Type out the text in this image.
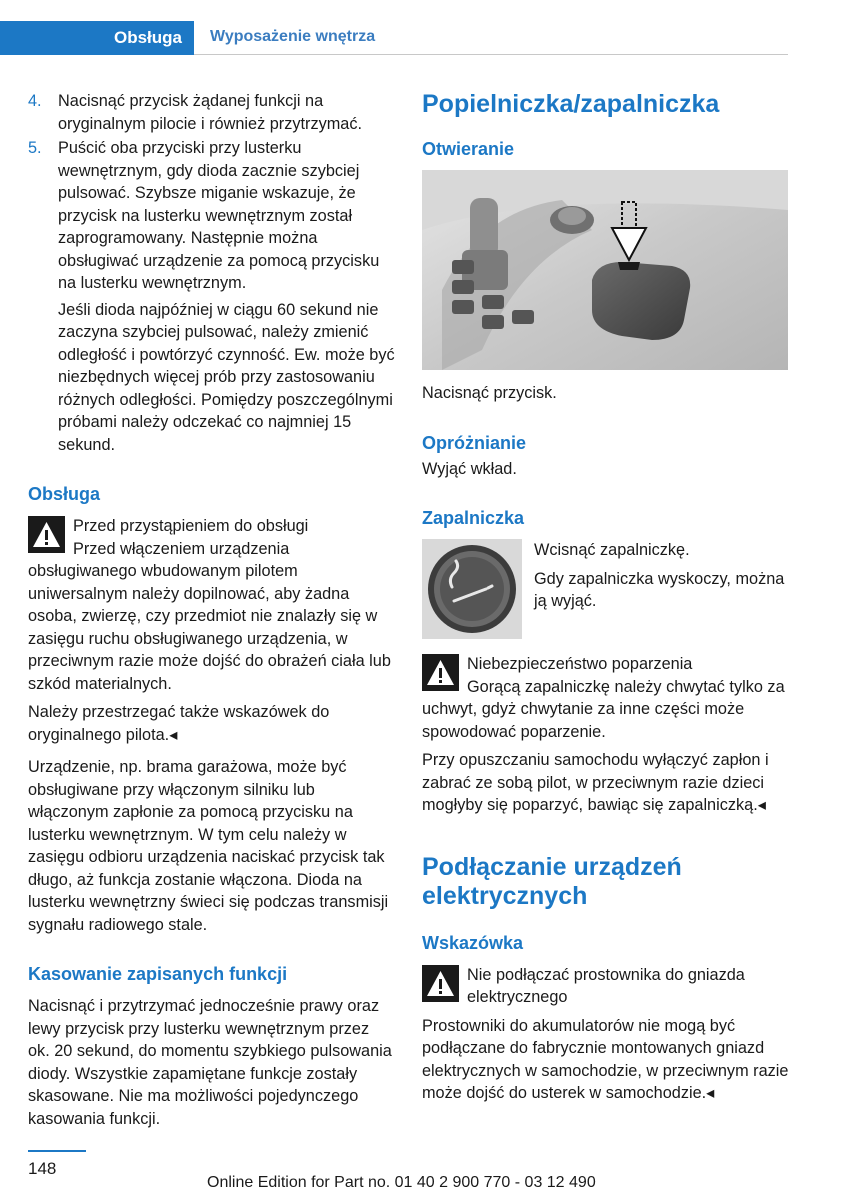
Obsługa Wyposażenie wnętrza
4.	Nacisnąć przycisk żądanej funkcji na oryginalnym pilocie i również przytrzymać.

5.	Puścić oba przyciski przy lusterku wewnętrznym, gdy dioda zacznie szybciej pulsować. Szybsze miganie wskazuje, że przycisk na lusterku wewnętrznym został zaprogramowany. Następnie można obsługiwać urządzenie za pomocą przycisku na lusterku wewnętrznym.

Jeśli dioda najpóźniej w ciągu 60 sekund nie zaczyna szybciej pulsować, należy zmienić odległość i powtórzyć czynność. Ew. może być niezbędnych więcej prób przy zastosowaniu różnych odległości. Pomiędzy poszczególnymi próbami należy odczekać co najmniej 15 sekund.

Obsługa

Przed przystąpieniem do obsługi

Przed włączeniem urządzenia obsługiwanego wbudowanym pilotem uniwersalnym należy dopilnować, aby żadna osoba, zwierzę, czy przedmiot nie znalazły się w zasięgu ruchu obsługiwanego urządzenia, w przeciwnym razie może dojść do obrażeń ciała lub szkód materialnych.

Należy przestrzegać także wskazówek do oryginalnego pilota.◂

Urządzenie, np. brama garażowa, może być obsługiwane przy włączonym silniku lub włączonym zapłonie za pomocą przycisku na lusterku wewnętrznym. W tym celu należy w zasięgu odbioru urządzenia naciskać przycisk tak długo, aż funkcja zostanie włączona. Dioda na lusterku wewnętrzny świeci się podczas transmisji sygnału radiowego stale.

Kasowanie zapisanych funkcji

Nacisnąć i przytrzymać jednocześnie prawy oraz lewy przycisk przy lusterku wewnętrznym przez ok. 20 sekund, do momentu szybkiego pulsowania diody. Wszystkie zapamiętane funkcje zostały skasowane. Nie ma możliwości pojedynczego kasowania funkcji.

Popielniczka/zapalniczka
Otwieranie

Nacisnąć przycisk.

Opróżnianie

Wyjąć wkład.

Zapalniczka

Wcisnąć zapalniczkę.

Gdy zapalniczka wyskoczy, można ją wyjąć.

Niebezpieczeństwo poparzenia

Gorącą zapalniczkę należy chwytać tylko za uchwyt, gdyż chwytanie za inne części może spowodować poparzenie.

Przy opuszczaniu samochodu wyłączyć zapłon i zabrać ze sobą pilot, w przeciwnym razie dzieci mogłyby się poparzyć, bawiąc się zapalniczką.◂

Podłączanie urządzeń elektrycznych
Wskazówka

Nie podłączać prostownika do gniazda elektrycznego

Prostowniki do akumulatorów nie mogą być podłączane do fabrycznie montowanych gniazd elektrycznych w samochodzie, w przeciwnym razie może dojść do usterek w samochodzie.◂

148
Online Edition for Part no. 01 40 2 900 770 - 03 12 490
